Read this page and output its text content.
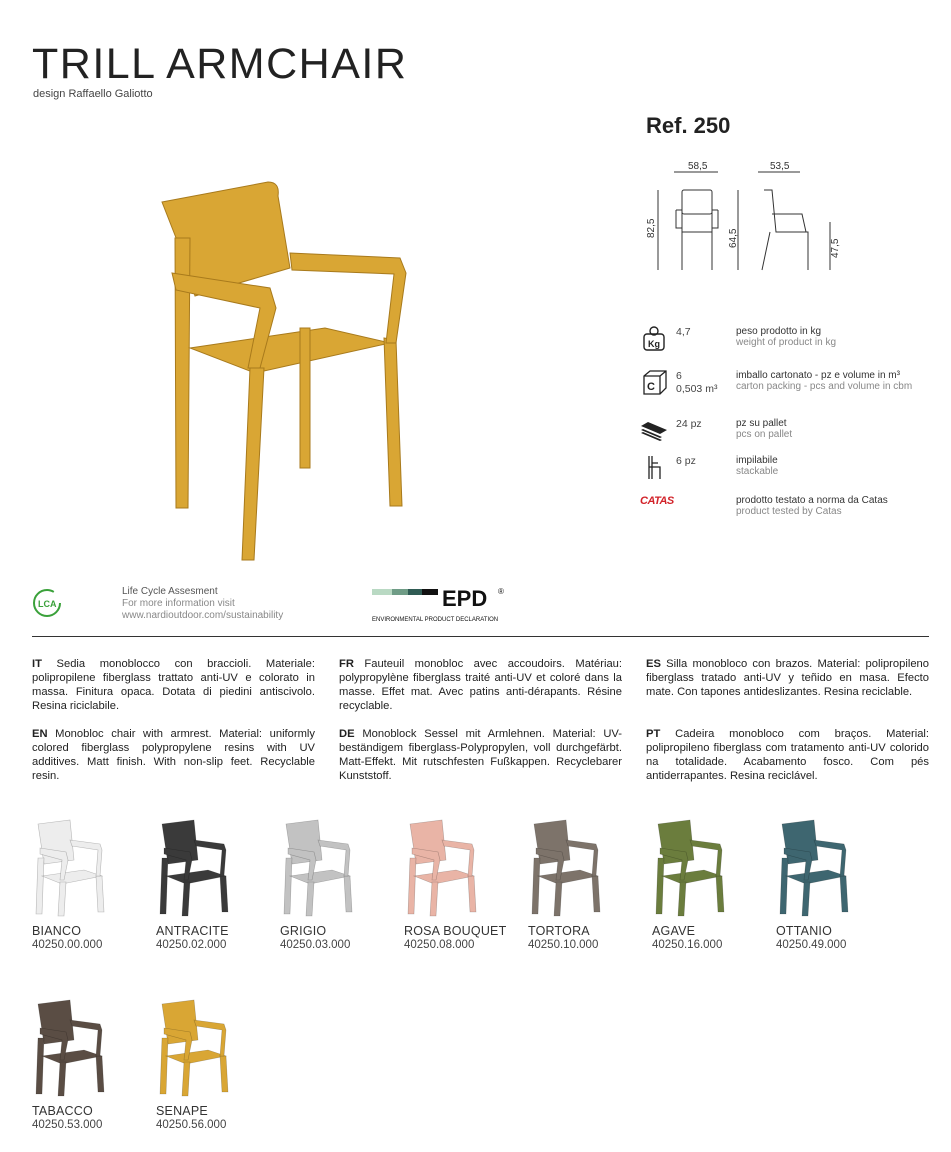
TRILL ARMCHAIR
design Raffaello Galiotto
Ref. 250
58,5	53,5
82,5
64,5
47,5
Kg
4,7	peso prodotto in kg
weight of product in kg
C
6
0,503 m³
imballo cartonato - pz e volume in m³
carton packing - pcs and volume in cbm
24 pz	pz su pallet
pcs on pallet
6 pz	impilabile
stackable
CATAS	prodotto testato a norma da Catas
product tested by Catas
LCA
Life Cycle Assesment
For more information visit
www.nardioutdoor.com/sustainability
EPD ®
ENVIRONMENTAL PRODUCT DECLARATION
IT Sedia monoblocco con braccioli. Materiale: polipropilene fiberglass trattato anti-UV e colorato in massa. Finitura opaca. Dotata di piedini antiscivolo. Resina riciclabile.
EN Monobloc chair with armrest. Material: uniformly colored fiberglass polypropylene resins with UV additives. Matt finish. With non-slip feet. Recyclable resin.
FR Fauteuil monobloc avec accoudoirs. Matériau: polypropylène fiberglass traité anti-UV et coloré dans la masse. Effet mat. Avec patins anti-dérapants. Résine recyclable.
DE Monoblock Sessel mit Armlehnen. Material: UV-beständigem fiberglass-Polypropylen, voll durchgefärbt. Matt-Effekt. Mit rutschfesten Fußkappen. Recyclebarer Kunststoff.
ES Silla monobloco con brazos. Material: polipropileno fiberglass tratado anti-UV y teñido en masa. Efecto mate. Con tapones antideslizantes. Resina reciclable.
PT Cadeira monobloco com braços. Material: polipropileno fiberglass com tratamento anti-UV colorido na totalidade. Acabamento fosco. Com pés antiderrapantes. Resina reciclável.
BIANCO
40250.00.000
ANTRACITE
40250.02.000
GRIGIO
40250.03.000
ROSA BOUQUET
40250.08.000
TORTORA
40250.10.000
AGAVE
40250.16.000
OTTANIO
40250.49.000
TABACCO
40250.53.000
SENAPE
40250.56.000
